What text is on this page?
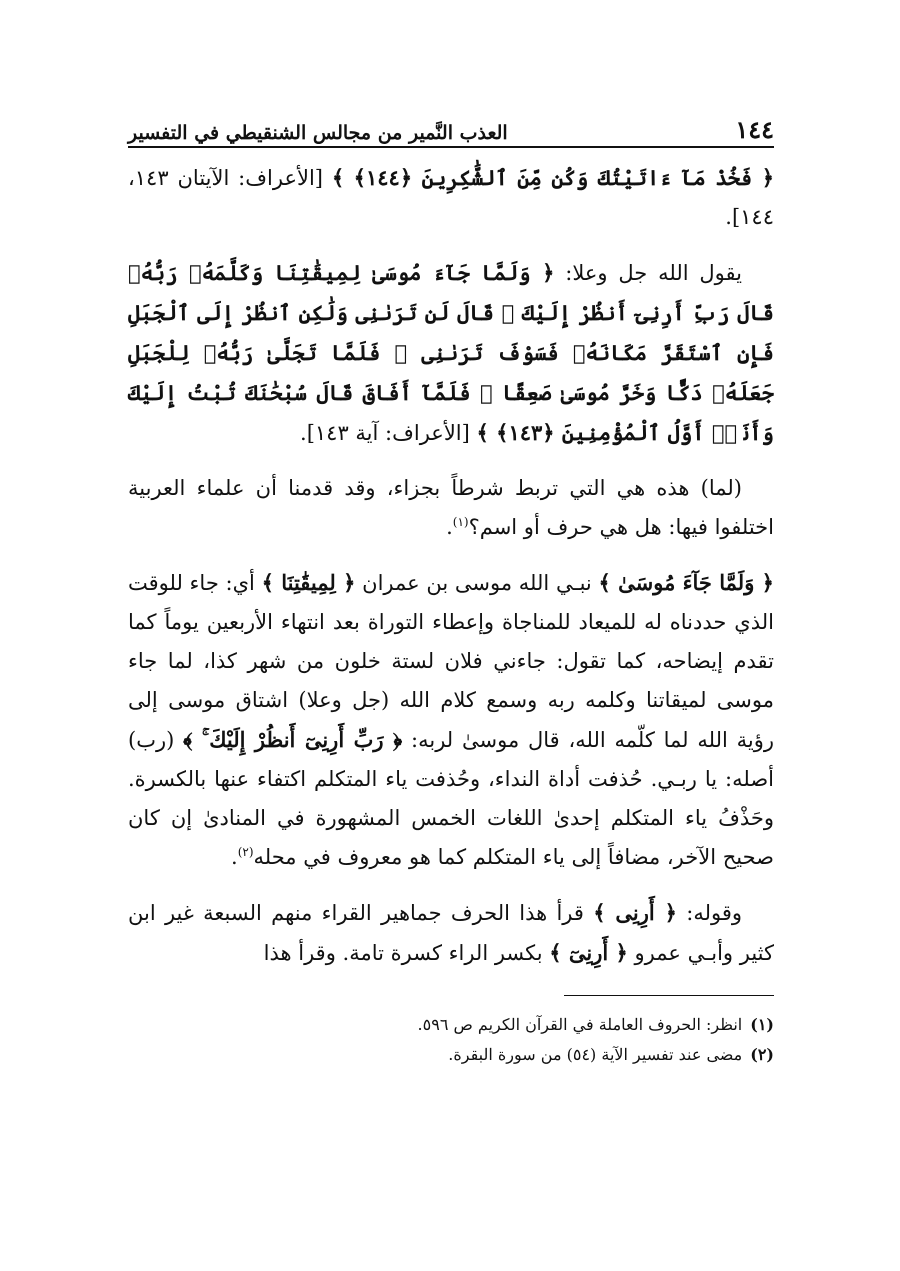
١٤٤
العذب النَّمير من مجالس الشنقيطي في التفسير

﴿ فَخُذْ مَآ ءَاتَيْتُكَ وَكُن مِّنَ ٱلشَّٰكِرِينَ ﴿١٤٤﴾ ﴾ [الأعراف: الآيتان ١٤٣، ١٤٤].

يقول الله جل وعلا: ﴿ وَلَمَّا جَآءَ مُوسَىٰ لِمِيقَٰتِنَا وَكَلَّمَهُۥ رَبُّهُۥ قَالَ رَبِّ أَرِنِىٓ أَنظُرْ إِلَيْكَ ۚ قَالَ لَن تَرَىٰنِى وَلَٰكِنِ ٱنظُرْ إِلَى ٱلْجَبَلِ فَإِنِ ٱسْتَقَرَّ مَكَانَهُۥ فَسَوْفَ تَرَىٰنِى ۚ فَلَمَّا تَجَلَّىٰ رَبُّهُۥ لِلْجَبَلِ جَعَلَهُۥ دَكًّا وَخَرَّ مُوسَىٰ صَعِقًا ۚ فَلَمَّآ أَفَاقَ قَالَ سُبْحَٰنَكَ تُبْتُ إِلَيْكَ وَأَنَا۠ أَوَّلُ ٱلْمُؤْمِنِينَ ﴿١٤٣﴾ ﴾ [الأعراف: آية ١٤٣].

(لما) هذه هي التي تربط شرطاً بجزاء، وقد قدمنا أن علماء العربية اختلفوا فيها: هل هي حرف أو اسم؟$^{(١)}$.

﴿ وَلَمَّا جَآءَ مُوسَىٰ ﴾ نبـي الله موسى بن عمران ﴿ لِمِيقَٰتِنَا ﴾ أي: جاء للوقت الذي حددناه له للميعاد للمناجاة وإعطاء التوراة بعد انتهاء الأربعين يوماً كما تقدم إيضاحه، كما تقول: جاءني فلان لستة خلون من شهر كذا، لما جاء موسى لميقاتنا وكلمه ربه وسمع كلام الله (جل وعلا) اشتاق موسى إلى رؤية الله لما كلّمه الله، قال موسىٰ لربه: ﴿ رَبِّ أَرِنِىٓ أَنظُرْ إِلَيْكَ ۚ ﴾ (رب) أصله: يا ربـي. حُذفت أداة النداء، وحُذفت ياء المتكلم اكتفاء عنها بالكسرة. وحَذْفُ ياء المتكلم إحدىٰ اللغات الخمس المشهورة في المنادىٰ إن كان صحيح الآخر، مضافاً إلى ياء المتكلم كما هو معروف في محله$^{(٢)}$.

وقوله: ﴿ أَرِنِى ﴾ قرأ هذا الحرف جماهير القراء منهم السبعة غير ابن كثير وأبـي عمرو ﴿ أَرِنِىٓ ﴾ بكسر الراء كسرة تامة. وقرأ هذا

(١)انظر: الحروف العاملة في القرآن الكريم ص ٥٩٦.
(٢)مضى عند تفسير الآية (٥٤) من سورة البقرة.
